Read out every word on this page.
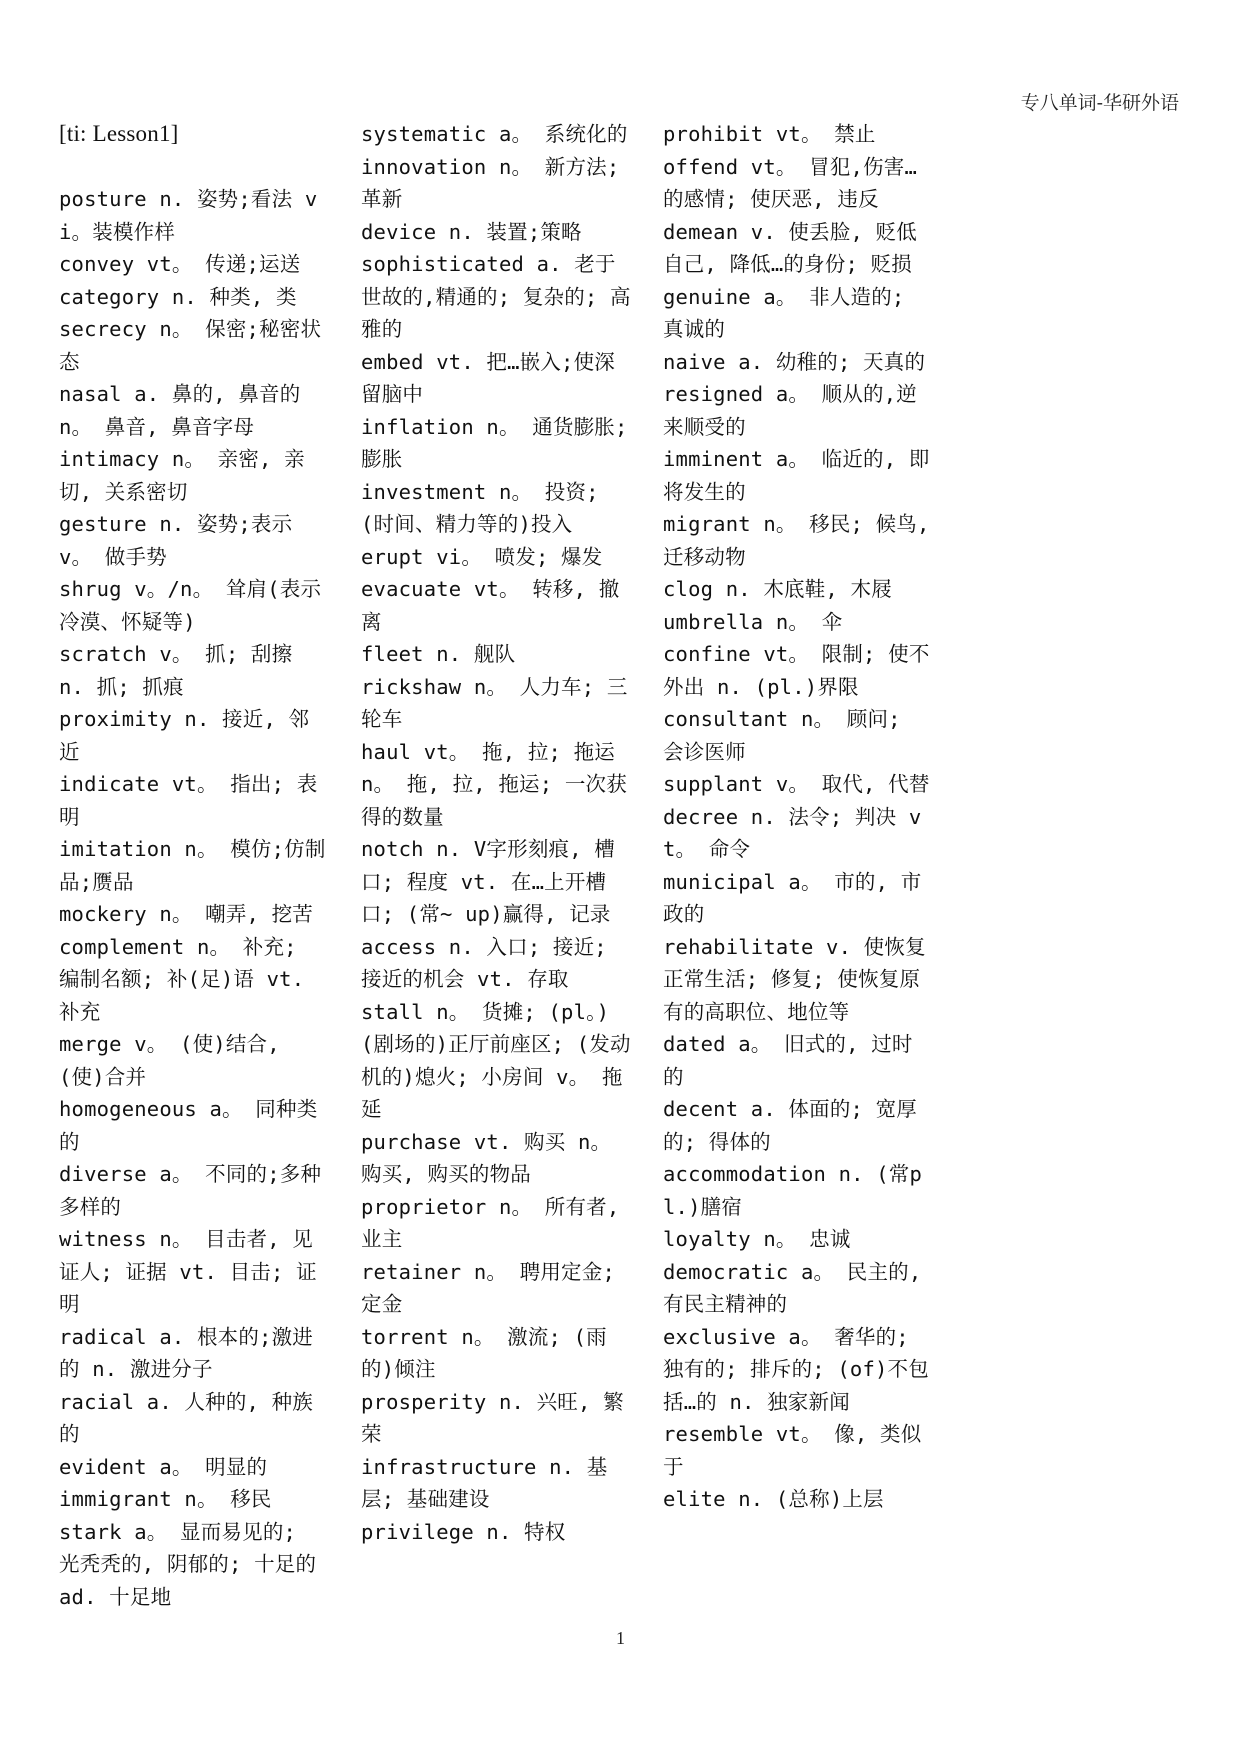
专八单词-华研外语
[ti: Lesson1]
posture n. 姿势;看法 vi。装模作样
convey vt。 传递;运送
category n. 种类, 类
secrecy n。 保密;秘密状态
nasal a. 鼻的, 鼻音的 n。 鼻音, 鼻音字母
intimacy n。 亲密, 亲切, 关系密切
gesture n. 姿势;表示 v。 做手势
shrug v。/n。 耸肩(表示冷漠、怀疑等)
scratch v。 抓; 刮擦 n. 抓; 抓痕
proximity n. 接近, 邻近
indicate vt。 指出; 表明
imitation n。 模仿;仿制品;赝品
mockery n。 嘲弄, 挖苦
complement n。 补充; 编制名额; 补(足)语 vt. 补充
merge v。 (使)结合, (使)合并
homogeneous a。 同种类的
diverse a。 不同的;多种多样的
witness n。 目击者, 见证人; 证据 vt. 目击; 证明
radical a. 根本的;激进的 n. 激进分子
racial a. 人种的, 种族的
evident a。 明显的
immigrant n。 移民
stark a。 显而易见的; 光秃秃的, 阴郁的; 十足的 ad. 十足地
systematic a。 系统化的
innovation n。 新方法; 革新
device n. 装置;策略
sophisticated a. 老于世故的,精通的; 复杂的; 高雅的
embed vt. 把…嵌入;使深留脑中
inflation n。 通货膨胀; 膨胀
investment n。 投资; (时间、精力等的)投入
erupt vi。 喷发; 爆发
evacuate vt。 转移, 撤离
fleet n. 舰队
rickshaw n。 人力车; 三轮车
haul vt。 拖, 拉; 拖运 n。 拖, 拉, 拖运; 一次获得的数量
notch n. V字形刻痕, 槽口; 程度 vt. 在…上开槽口; (常~ up)赢得, 记录
access n. 入口; 接近; 接近的机会 vt. 存取
stall n。 货摊; (pl。)(剧场的)正厅前座区; (发动机的)熄火; 小房间 v。 拖延
purchase vt. 购买 n。 购买, 购买的物品
proprietor n。 所有者, 业主
retainer n。 聘用定金; 定金
torrent n。 激流; (雨的)倾注
prosperity n. 兴旺, 繁荣
infrastructure n. 基层; 基础建设
privilege n. 特权
prohibit vt。 禁止
offend vt。 冒犯,伤害…的感情; 使厌恶, 违反
demean v. 使丢脸, 贬低自己, 降低…的身份; 贬损
genuine a。 非人造的; 真诚的
naive a. 幼稚的; 天真的
resigned a。 顺从的,逆来顺受的
imminent a。 临近的, 即将发生的
migrant n。 移民; 候鸟, 迁移动物
clog n. 木底鞋, 木屐
umbrella n。 伞
confine vt。 限制; 使不外出 n. (pl.)界限
consultant n。 顾问; 会诊医师
supplant v。 取代, 代替
decree n. 法令; 判决 vt。 命令
municipal a。 市的, 市政的
rehabilitate v. 使恢复正常生活; 修复; 使恢复原有的高职位、地位等
dated a。 旧式的, 过时的
decent a. 体面的; 宽厚的; 得体的
accommodation n. (常pl.)膳宿
loyalty n。 忠诚
democratic a。 民主的, 有民主精神的
exclusive a。 奢华的; 独有的; 排斥的; (of)不包括…的 n. 独家新闻
resemble vt。 像, 类似于
elite n. (总称)上层
1
